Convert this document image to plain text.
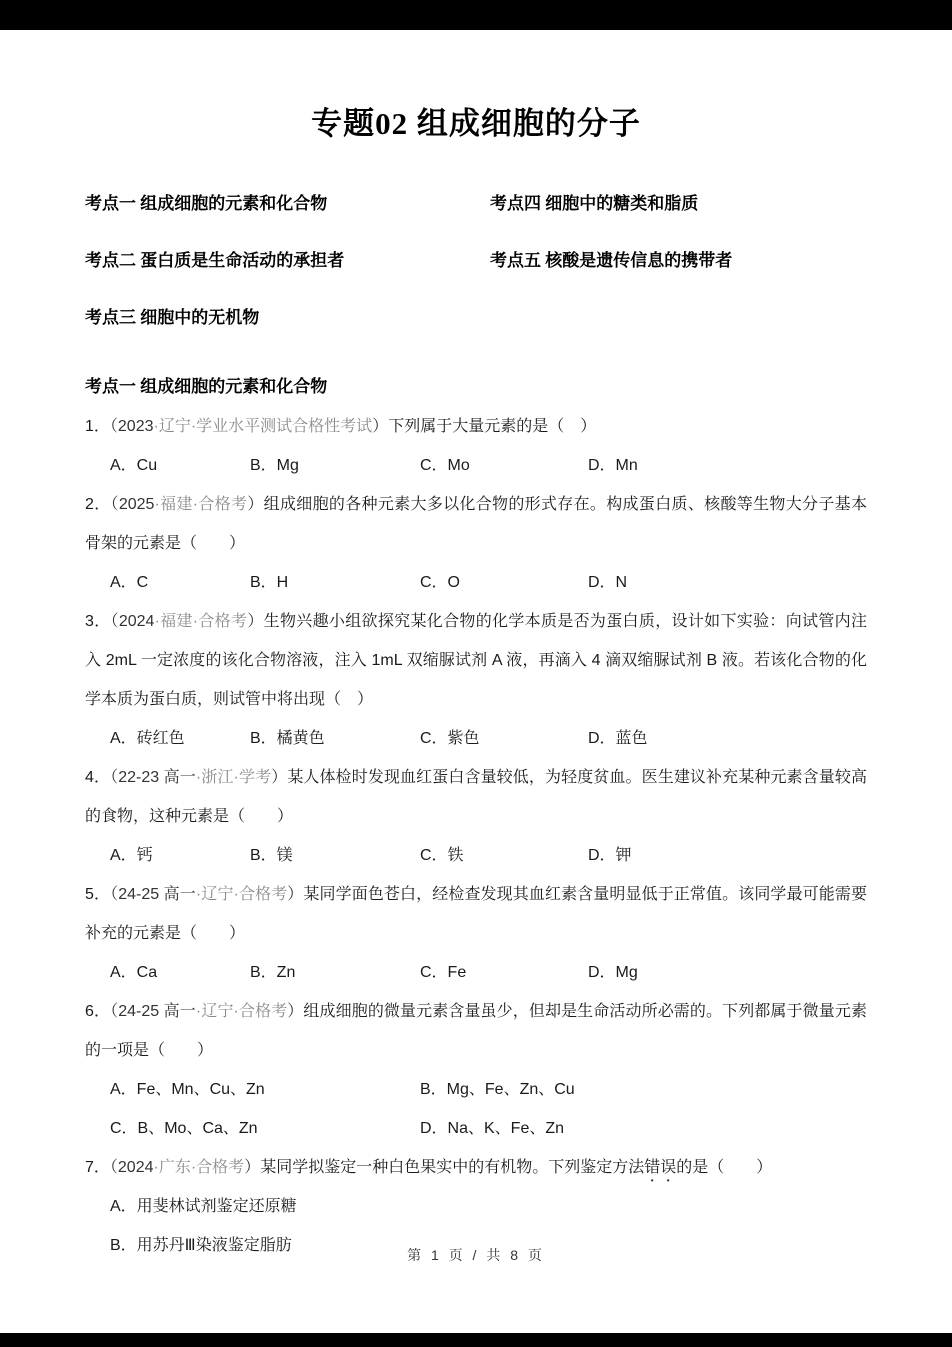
专题02 组成细胞的分子
考点一 组成细胞的元素和化合物	考点四 细胞中的糖类和脂质
考点二 蛋白质是生命活动的承担者	考点五 核酸是遗传信息的携带者
考点三 细胞中的无机物
考点一 组成细胞的元素和化合物

1．（2023·辽宁·学业水平测试合格性考试）下列属于大量元素的是（　）

A．Cu	B．Mg	C．Mo	D．Mn

2．（2025·福建·合格考）组成细胞的各种元素大多以化合物的形式存在。构成蛋白质、核酸等生物大分子基本骨架的元素是（　　）

A．C	B．H	C．O	D．N

3．（2024·福建·合格考）生物兴趣小组欲探究某化合物的化学本质是否为蛋白质，设计如下实验：向试管内注入 2mL 一定浓度的该化合物溶液，注入 1mL 双缩脲试剂 A 液，再滴入 4 滴双缩脲试剂 B 液。若该化合物的化学本质为蛋白质，则试管中将出现（　）

A．砖红色	B．橘黄色	C．紫色	D．蓝色

4．（22-23 高一·浙江·学考）某人体检时发现血红蛋白含量较低，为轻度贫血。医生建议补充某种元素含量较高的食物，这种元素是（　　）

A．钙	B．镁	C．铁	D．钾

5．（24-25 高一·辽宁·合格考）某同学面色苍白，经检查发现其血红素含量明显低于正常值。该同学最可能需要补充的元素是（　　）

A．Ca	B．Zn	C．Fe	D．Mg

6．（24-25 高一·辽宁·合格考）组成细胞的微量元素含量虽少，但却是生命活动所必需的。下列都属于微量元素的一项是（　　）

A．Fe、Mn、Cu、Zn	B．Mg、Fe、Zn、Cu
C．B、Mo、Ca、Zn	D．Na、K、Fe、Zn

7．（2024·广东·合格考）某同学拟鉴定一种白色果实中的有机物。下列鉴定方法错误的是（　　）

A．用斐林试剂鉴定还原糖
B．用苏丹Ⅲ染液鉴定脂肪
第 1 页 / 共 8 页
